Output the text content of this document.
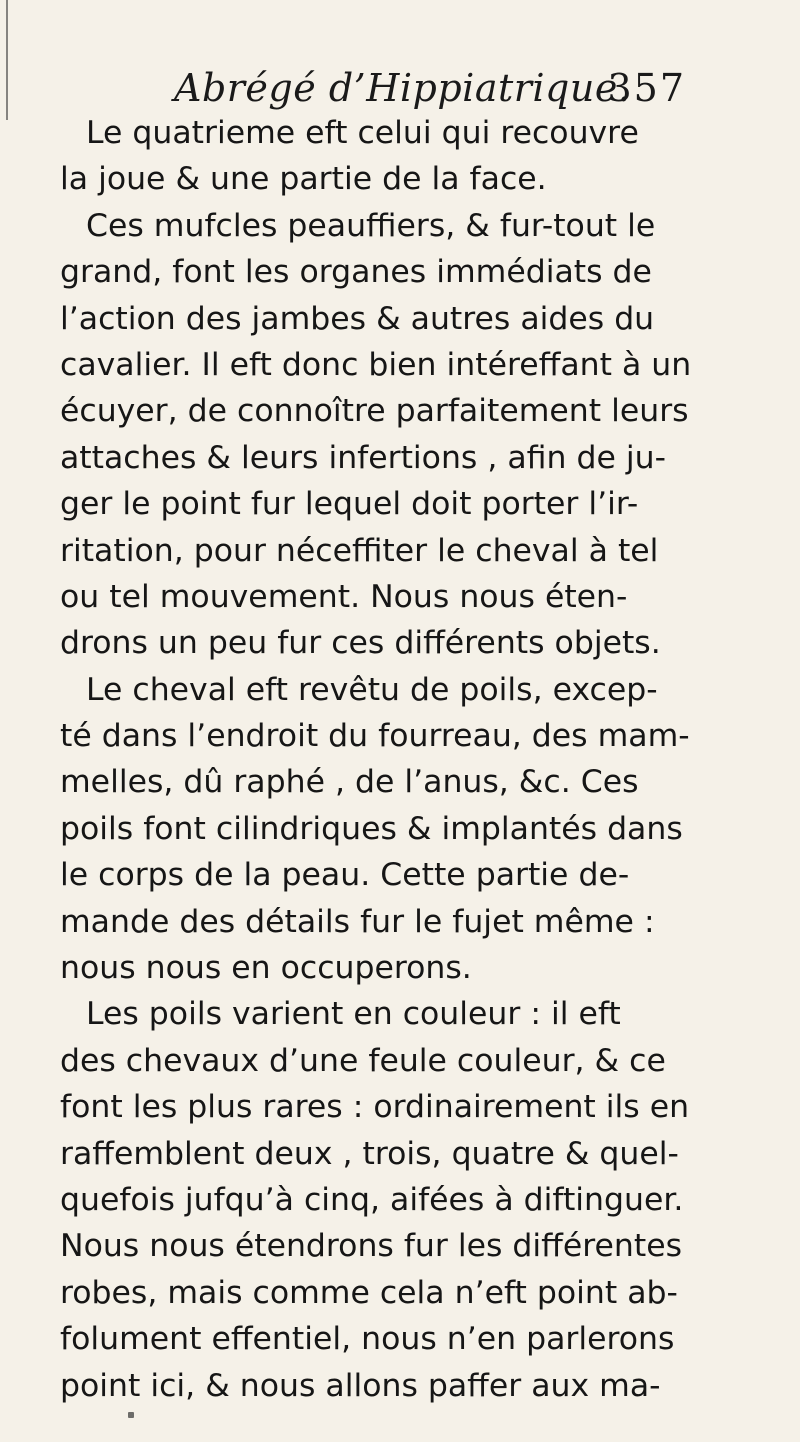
Abrégé d’Hippiatrique.
357
Le quatrieme eft celui qui recouvre
la joue & une partie de la face.
Ces mufcles peauffiers, & fur-tout le
grand, font les organes immédiats de
l’action des jambes & autres aides du
cavalier. Il eft donc bien intéreffant à un
écuyer, de connoître parfaitement leurs
attaches & leurs infertions , afin de ju-
ger le point fur lequel doit porter l’ir-
ritation, pour néceffiter le cheval à tel
ou tel mouvement. Nous nous éten-
drons un peu fur ces différents objets.
Le cheval eft revêtu de poils, excep-
té dans l’endroit du fourreau, des mam-
melles, dû raphé , de l’anus, &c. Ces
poils font cilindriques & implantés dans
le corps de la peau. Cette partie de-
mande des détails fur le fujet même :
nous nous en occuperons.
Les poils varient en couleur : il eft
des chevaux d’une feule couleur, & ce
font les plus rares : ordinairement ils en
raffemblent deux , trois, quatre & quel-
quefois jufqu’à cinq, aifées à diftinguer.
Nous nous étendrons fur les différentes
robes, mais comme cela n’eft point ab-
folument effentiel, nous n’en parlerons
point ici, & nous allons paffer aux ma-
